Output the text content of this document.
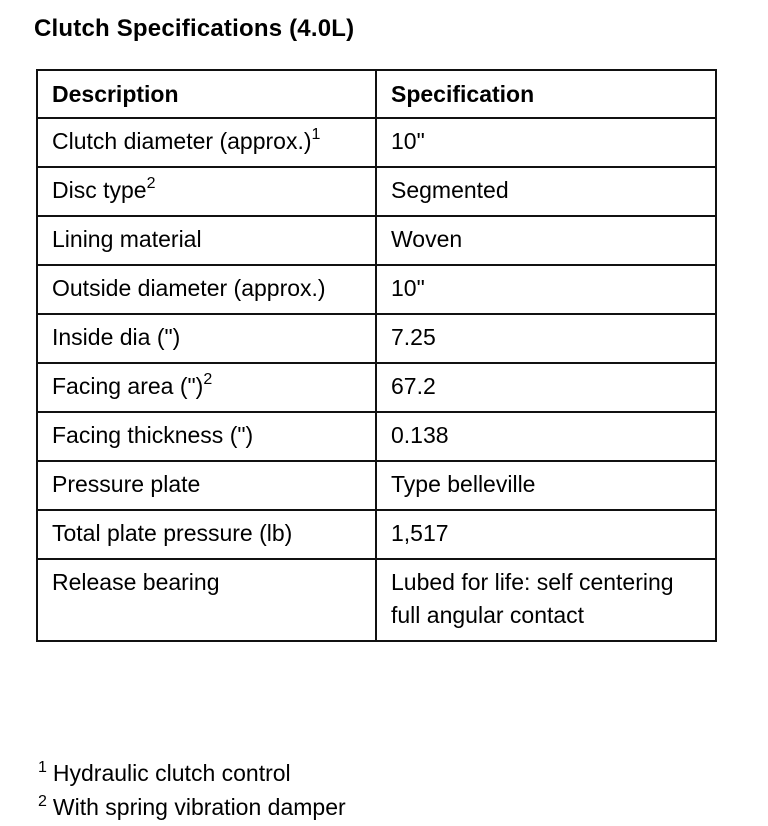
Clutch Specifications (4.0L)
Description	Specification
Clutch diameter (approx.)$^1$	10"
Disc type$^2$	Segmented
Lining material	Woven
Outside diameter (approx.)	10"
Inside dia (")	7.25
Facing area (")$^2$	67.2
Facing thickness (")	0.138
Pressure plate	Type belleville
Total plate pressure (lb)	1,517
Release bearing	Lubed for life: self centering full angular contact
$^1$ Hydraulic clutch control
$^2$ With spring vibration damper
